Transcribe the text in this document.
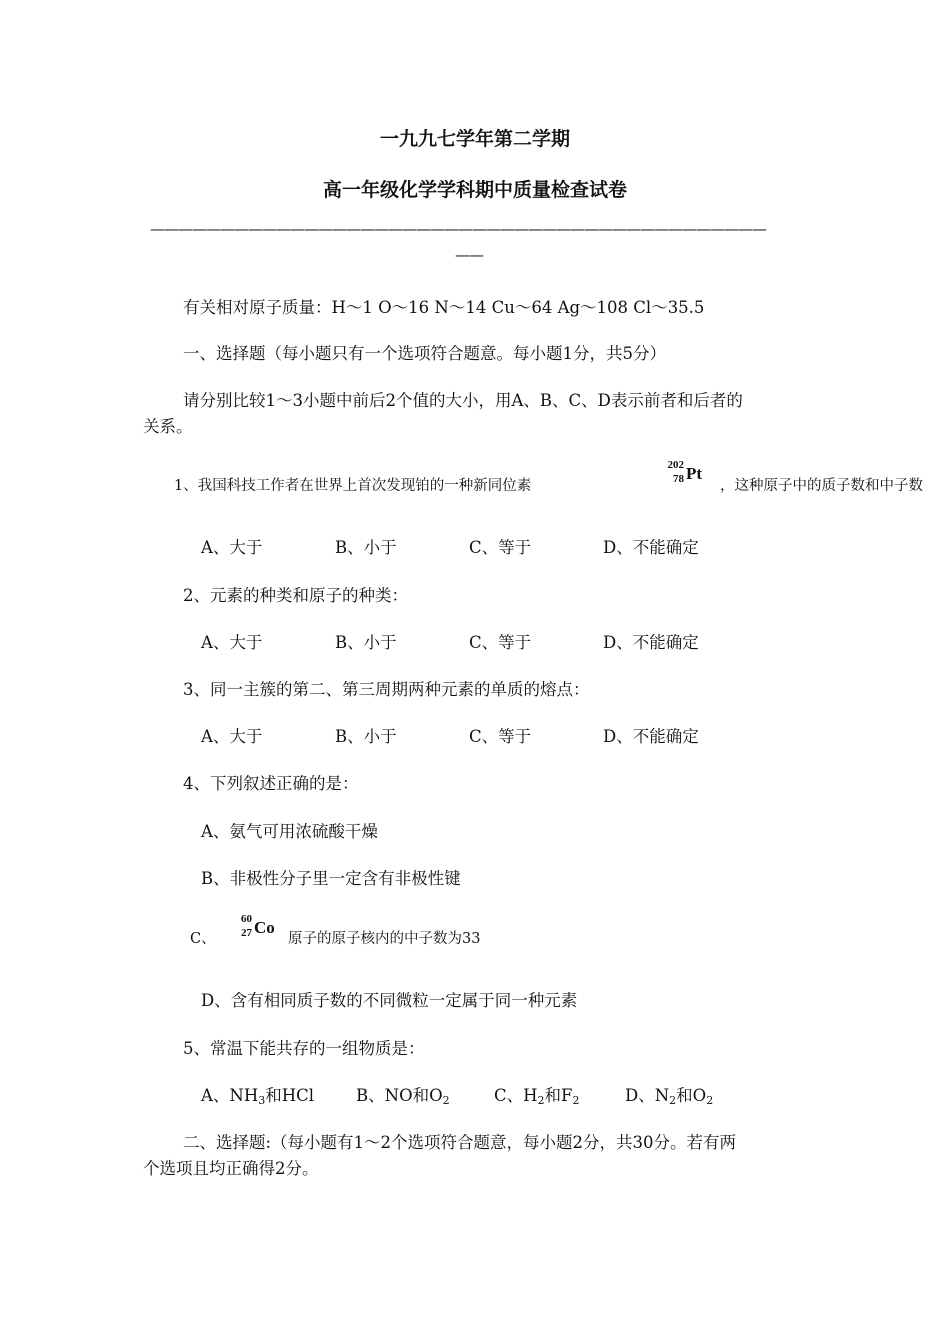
一九九七学年第二学期
高一年级化学学科期中质量检查试卷
————————————————————————————————————————————
——
有关相对原子质量：H～1 O～16 N～14 Cu～64 Ag～108 Cl～35.5
一、选择题（每小题只有一个选项符合题意。每小题1分，共5分）
请分别比较1～3小题中前后2个值的大小，用A、B、C、D表示前者和后者的
关系。
1、我国科技工作者在世界上首次发现铂的一种新同位素
202
78 Pt
，这种原子中的质子数和中子数
A、大于	B、小于	C、等于	D、不能确定
2、元素的种类和原子的种类：
A、大于	B、小于	C、等于	D、不能确定
3、同一主簇的第二、第三周期两种元素的单质的熔点：
A、大于	B、小于	C、等于	D、不能确定
4、下列叙述正确的是：
A、氨气可用浓硫酸干燥
B、非极性分子里一定含有非极性键
C、
60
27 Co
原子的原子核内的中子数为33
D、含有相同质子数的不同微粒一定属于同一种元素
5、常温下能共存的一组物质是：
A、$NH_3$和HCl	B、NO和$O_2$	C、$H_2$和$F_2$	D、$N_2$和$O_2$
二、选择题:（每小题有1～2个选项符合题意，每小题2分，共30分。若有两
个选项且均正确得2分。
